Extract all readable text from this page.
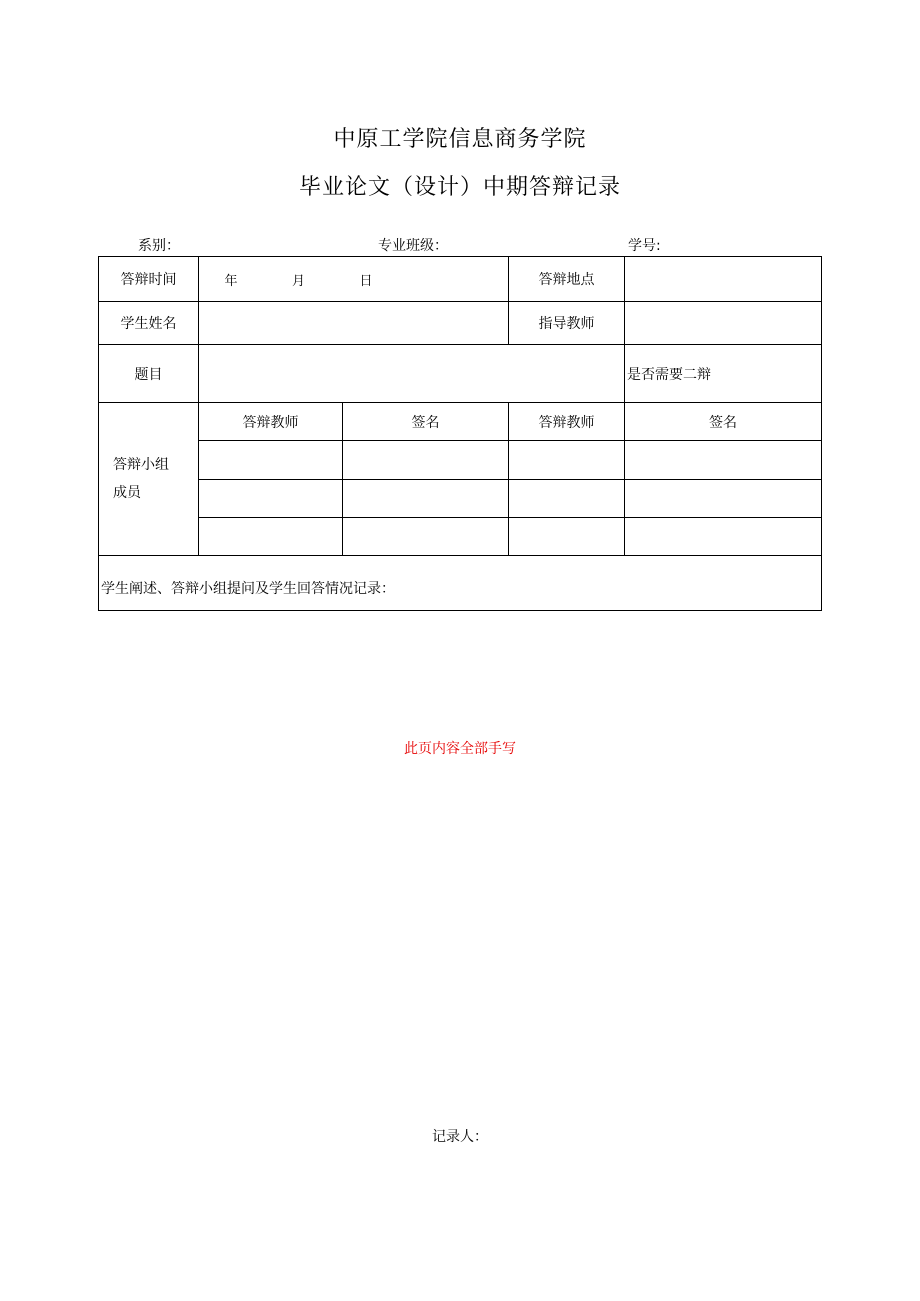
中原工学院信息商务学院
毕业论文（设计）中期答辩记录
系别：	专业班级：	学号:
答辩时间	年 月 日		答辩地点	
学生姓名			指导教师	
题目				是否需要二辩

答辩小组
成员	答辩教师	签名	答辩教师	签名

学生阐述、答辩小组提问及学生回答情况记录：				
此页内容全部手写
记录人：
